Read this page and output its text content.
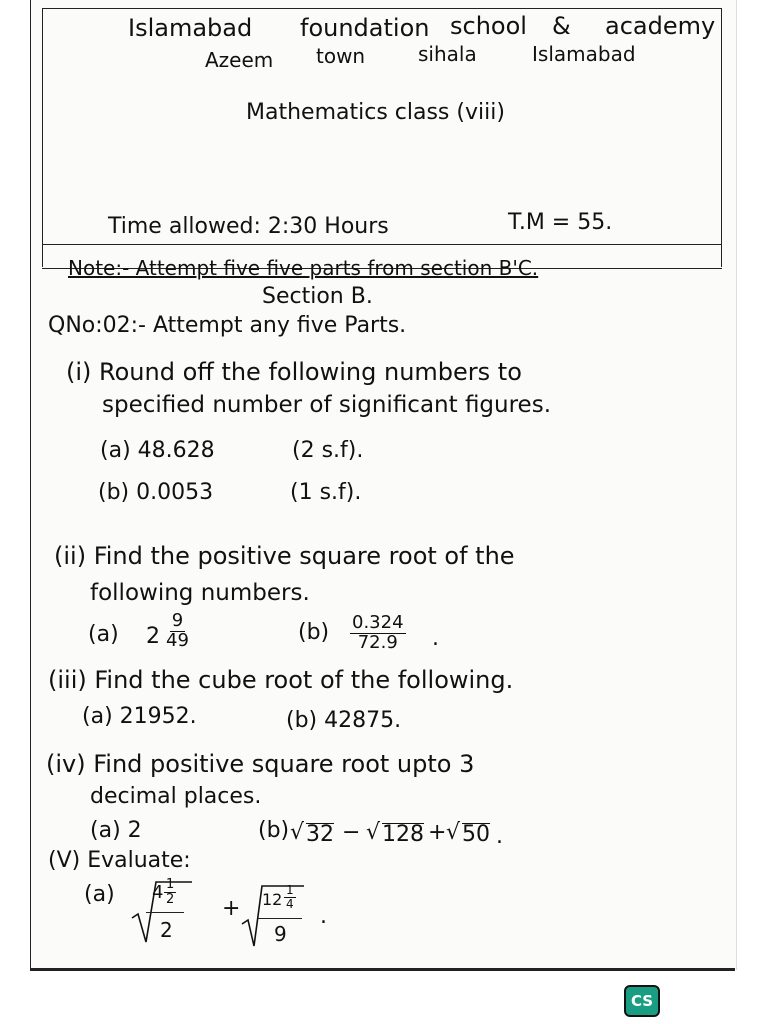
Islamabad foundation school & academy
Azeem town	sihala	Islamabad
Mathematics class (viii)
Time allowed: 2:30 Hours	T.M = 55.
Note:- Attempt five five parts from section B'C.
Section B.
QNo:02:- Attempt any five Parts.
(i) Round off the following numbers to
specified number of significant figures.
(a) 48.628	(2 s.f).
(b) 0.0053	(1 s.f).
(ii) Find the positive square root of the
following numbers.
(a) $2 \frac{9}{49}$	$(b) \frac{0.324}{72.9}$ .
(iii) Find the cube root of the following.
(a) 21952.	(b) 42875.
(iv) Find positive square root upto 3
decimal places.
(a) 2	(b) √ 32 − √ 128 + √ 50 .
(V) Evaluate:
(a) $4 \frac{1}{2}$
2
+ $12 \frac{1}{4}$
9
.
CS
